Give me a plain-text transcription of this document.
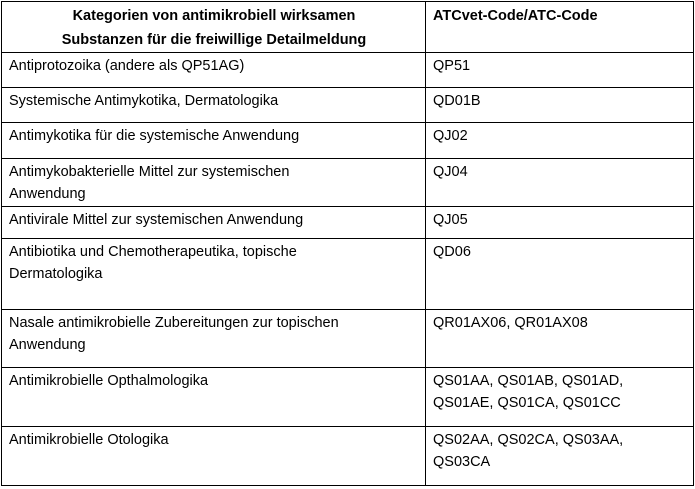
Kategorien von antimikrobiell wirksamen
Substanzen für die freiwillige Detailmeldung	ATCvet-Code/ATC-Code

Antiprotozoika (andere als QP51AG)	QP51

Systemische Antimykotika, Dermatologika	QD01B

Antimykotika für die systemische Anwendung	QJ02

Antimykobakterielle Mittel zur systemischen
Anwendung	QJ04

Antivirale Mittel zur systemischen Anwendung	QJ05

Antibiotika und Chemotherapeutika, topische
Dermatologika	QD06

Nasale antimikrobielle Zubereitungen zur topischen
Anwendung	QR01AX06, QR01AX08

Antimikrobielle Opthalmologika	QS01AA, QS01AB, QS01AD,
QS01AE, QS01CA, QS01CC

Antimikrobielle Otologika	QS02AA, QS02CA, QS03AA,
QS03CA
